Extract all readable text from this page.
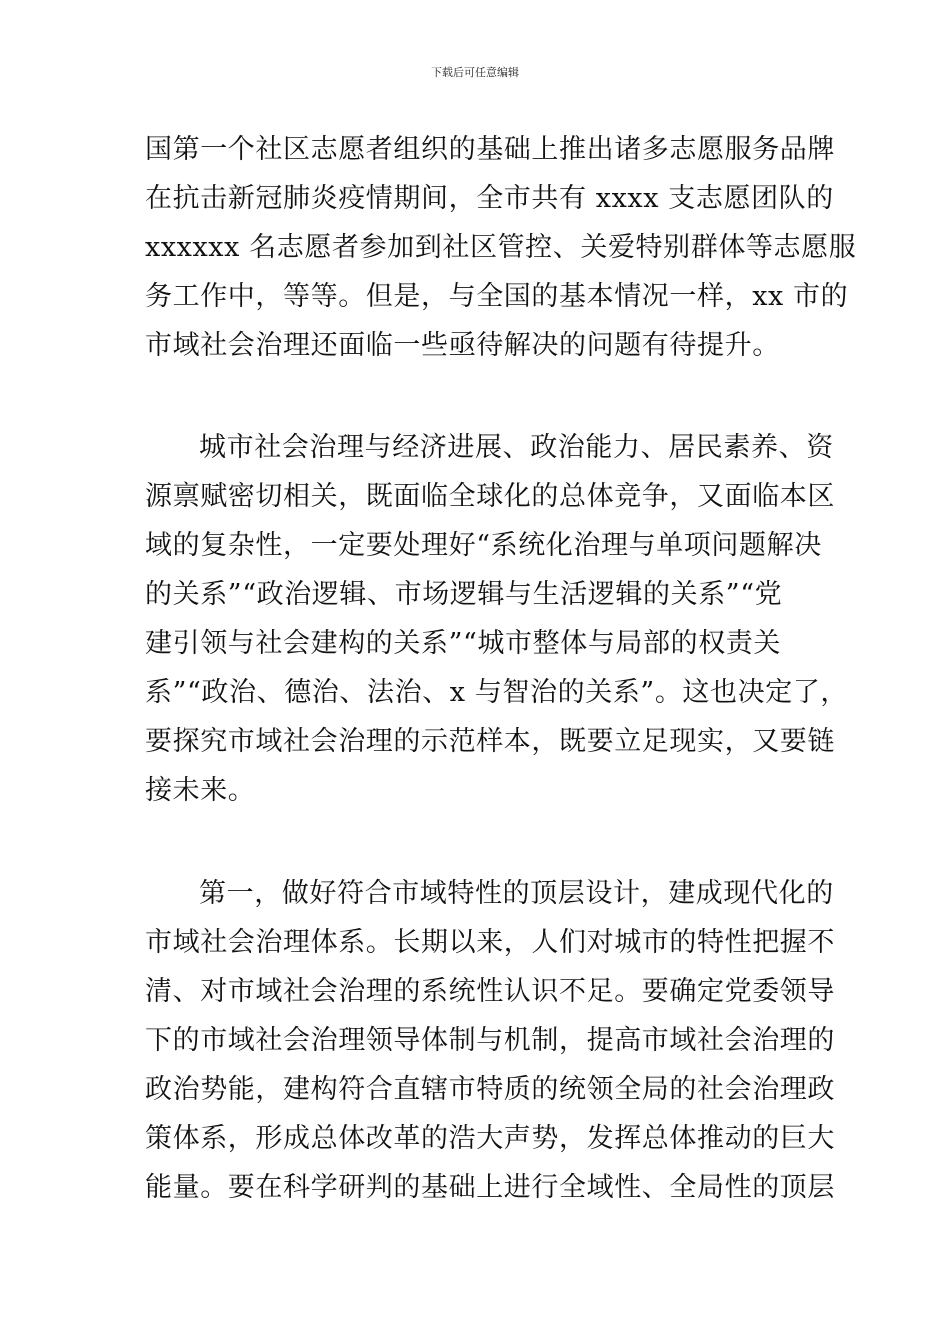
下载后可任意编辑
国第一个社区志愿者组织的基础上推出诸多志愿服务品牌
在抗击新冠肺炎疫情期间，全市共有 xxxx 支志愿团队的
xxxxxx 名志愿者参加到社区管控、关爱特别群体等志愿服
务工作中，等等。但是，与全国的基本情况一样，xx 市的
市域社会治理还面临一些亟待解决的问题有待提升。
城市社会治理与经济进展、政治能力、居民素养、资
源禀赋密切相关，既面临全球化的总体竞争，又面临本区
域的复杂性，一定要处理好“系统化治理与单项问题解决
的关系”“政治逻辑、市场逻辑与生活逻辑的关系”“党
建引领与社会建构的关系”“城市整体与局部的权责关
系”“政治、德治、法治、x 与智治的关系”。这也决定了，
要探究市域社会治理的示范样本，既要立足现实，又要链
接未来。
第一，做好符合市域特性的顶层设计，建成现代化的
市域社会治理体系。长期以来，人们对城市的特性把握不
清、对市域社会治理的系统性认识不足。要确定党委领导
下的市域社会治理领导体制与机制，提高市域社会治理的
政治势能，建构符合直辖市特质的统领全局的社会治理政
策体系，形成总体改革的浩大声势，发挥总体推动的巨大
能量。要在科学研判的基础上进行全域性、全局性的顶层
